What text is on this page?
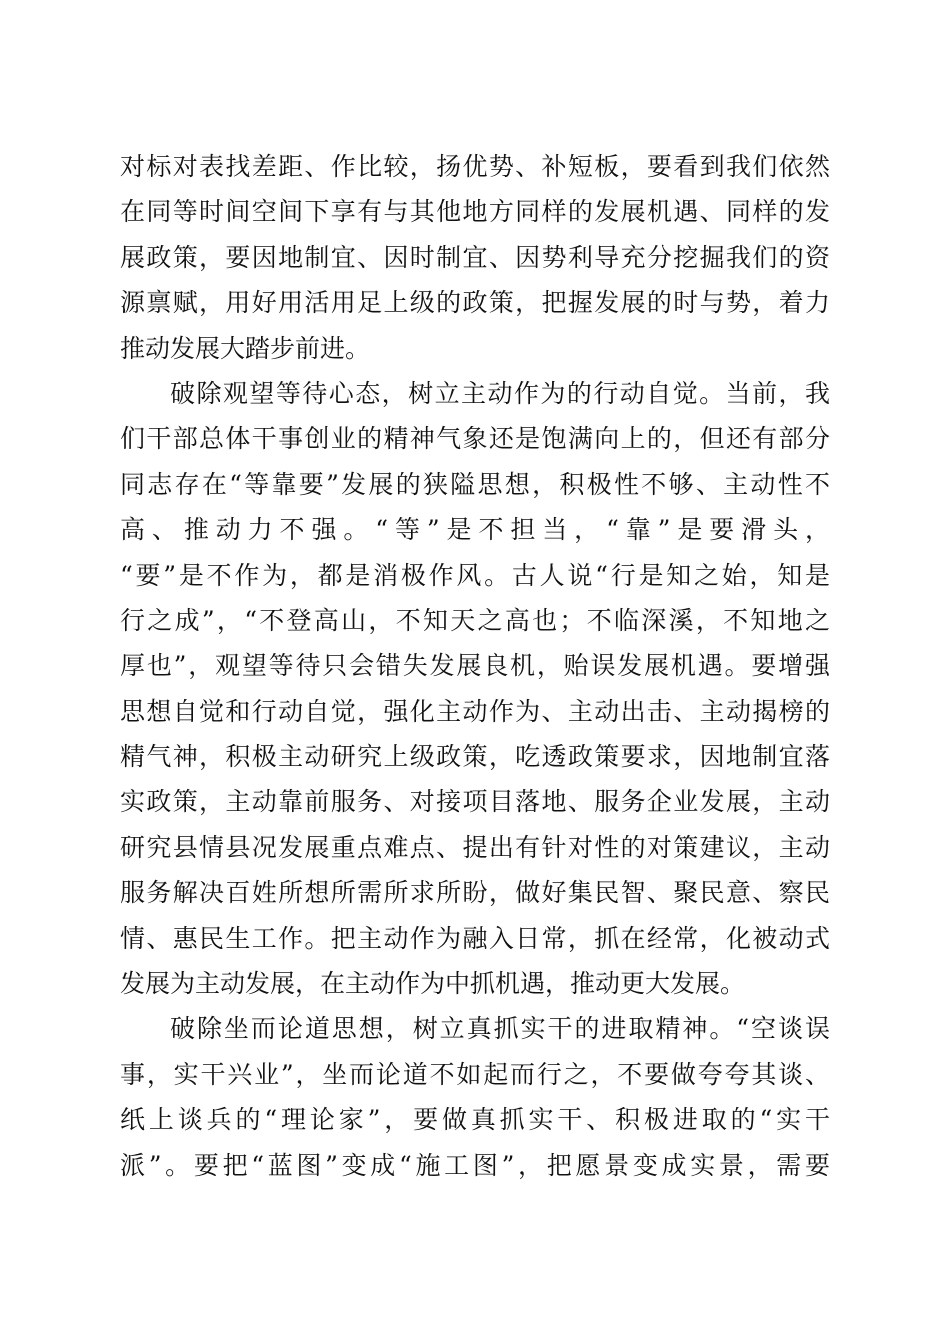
对标对表找差距、作比较，扬优势、补短板，要看到我们依然
在同等时间空间下享有与其他地方同样的发展机遇、同样的发
展政策，要因地制宜、因时制宜、因势利导充分挖掘我们的资
源禀赋，用好用活用足上级的政策，把握发展的时与势，着力
推动发展大踏步前进。
破除观望等待心态，树立主动作为的行动自觉。当前，我
们干部总体干事创业的精神气象还是饱满向上的，但还有部分
同志存在“等靠要”发展的狭隘思想，积极性不够、主动性不
高、推动力不强。“等”是不担当，“靠”是要滑头，
“要”是不作为，都是消极作风。古人说“行是知之始，知是
行之成”，“不登高山，不知天之高也；不临深溪，不知地之
厚也”，观望等待只会错失发展良机，贻误发展机遇。要增强
思想自觉和行动自觉，强化主动作为、主动出击、主动揭榜的
精气神，积极主动研究上级政策，吃透政策要求，因地制宜落
实政策，主动靠前服务、对接项目落地、服务企业发展，主动
研究县情县况发展重点难点、提出有针对性的对策建议，主动
服务解决百姓所想所需所求所盼，做好集民智、聚民意、察民
情、惠民生工作。把主动作为融入日常，抓在经常，化被动式
发展为主动发展，在主动作为中抓机遇，推动更大发展。
破除坐而论道思想，树立真抓实干的进取精神。“空谈误
事，实干兴业”，坐而论道不如起而行之，不要做夸夸其谈、
纸上谈兵的“理论家”，要做真抓实干、积极进取的“实干
派”。要把“蓝图”变成“施工图”，把愿景变成实景，需要
